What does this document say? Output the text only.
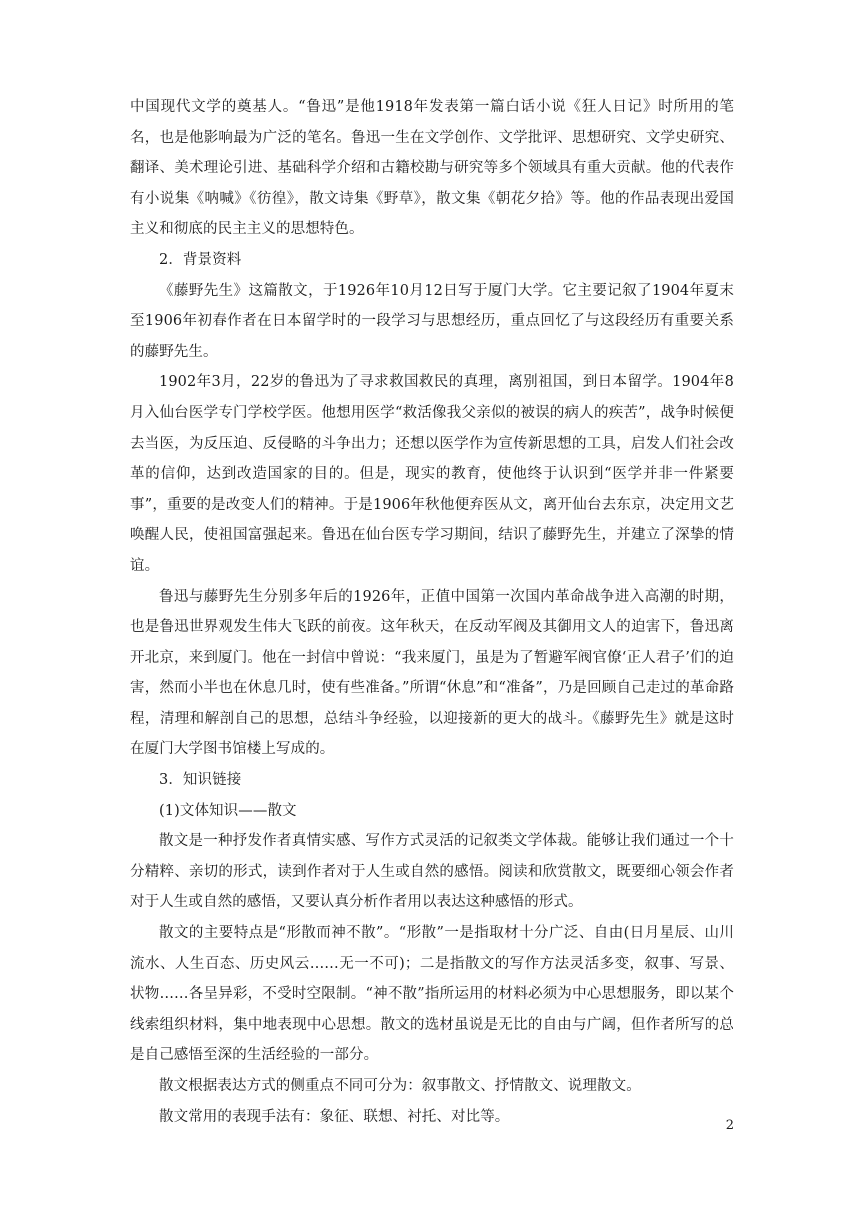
中国现代文学的奠基人。“鲁迅”是他1918年发表第一篇白话小说《狂人日记》时所用的笔名，也是他影响最为广泛的笔名。鲁迅一生在文学创作、文学批评、思想研究、文学史研究、翻译、美术理论引进、基础科学介绍和古籍校勘与研究等多个领域具有重大贡献。他的代表作有小说集《呐喊》《彷徨》，散文诗集《野草》，散文集《朝花夕拾》等。他的作品表现出爱国主义和彻底的民主主义的思想特色。

2．背景资料

《藤野先生》这篇散文，于1926年10月12日写于厦门大学。它主要记叙了1904年夏末至1906年初春作者在日本留学时的一段学习与思想经历，重点回忆了与这段经历有重要关系的藤野先生。

1902年3月，22岁的鲁迅为了寻求救国救民的真理，离别祖国，到日本留学。1904年8月入仙台医学专门学校学医。他想用医学“救活像我父亲似的被误的病人的疾苦”，战争时候便去当医，为反压迫、反侵略的斗争出力；还想以医学作为宣传新思想的工具，启发人们社会改革的信仰，达到改造国家的目的。但是，现实的教育，使他终于认识到“医学并非一件紧要事”，重要的是改变人们的精神。于是1906年秋他便弃医从文，离开仙台去东京，决定用文艺唤醒人民，使祖国富强起来。鲁迅在仙台医专学习期间，结识了藤野先生，并建立了深挚的情谊。

鲁迅与藤野先生分别多年后的1926年，正值中国第一次国内革命战争进入高潮的时期，也是鲁迅世界观发生伟大飞跃的前夜。这年秋天，在反动军阀及其御用文人的迫害下，鲁迅离开北京，来到厦门。他在一封信中曾说：“我来厦门，虽是为了暂避军阀官僚‘正人君子’们的迫害，然而小半也在休息几时，使有些准备。”所谓“休息”和“准备”，乃是回顾自己走过的革命路程，清理和解剖自己的思想，总结斗争经验，以迎接新的更大的战斗。《藤野先生》就是这时在厦门大学图书馆楼上写成的。

3．知识链接

(1)文体知识——散文

散文是一种抒发作者真情实感、写作方式灵活的记叙类文学体裁。能够让我们通过一个十分精粹、亲切的形式，读到作者对于人生或自然的感悟。阅读和欣赏散文，既要细心领会作者对于人生或自然的感悟，又要认真分析作者用以表达这种感悟的形式。

散文的主要特点是“形散而神不散”。“形散”一是指取材十分广泛、自由(日月星辰、山川流水、人生百态、历史风云……无一不可)；二是指散文的写作方法灵活多变，叙事、写景、状物……各呈异彩，不受时空限制。“神不散”指所运用的材料必须为中心思想服务，即以某个线索组织材料，集中地表现中心思想。散文的选材虽说是无比的自由与广阔，但作者所写的总是自己感悟至深的生活经验的一部分。

散文根据表达方式的侧重点不同可分为：叙事散文、抒情散文、说理散文。

散文常用的表现手法有：象征、联想、衬托、对比等。

2
